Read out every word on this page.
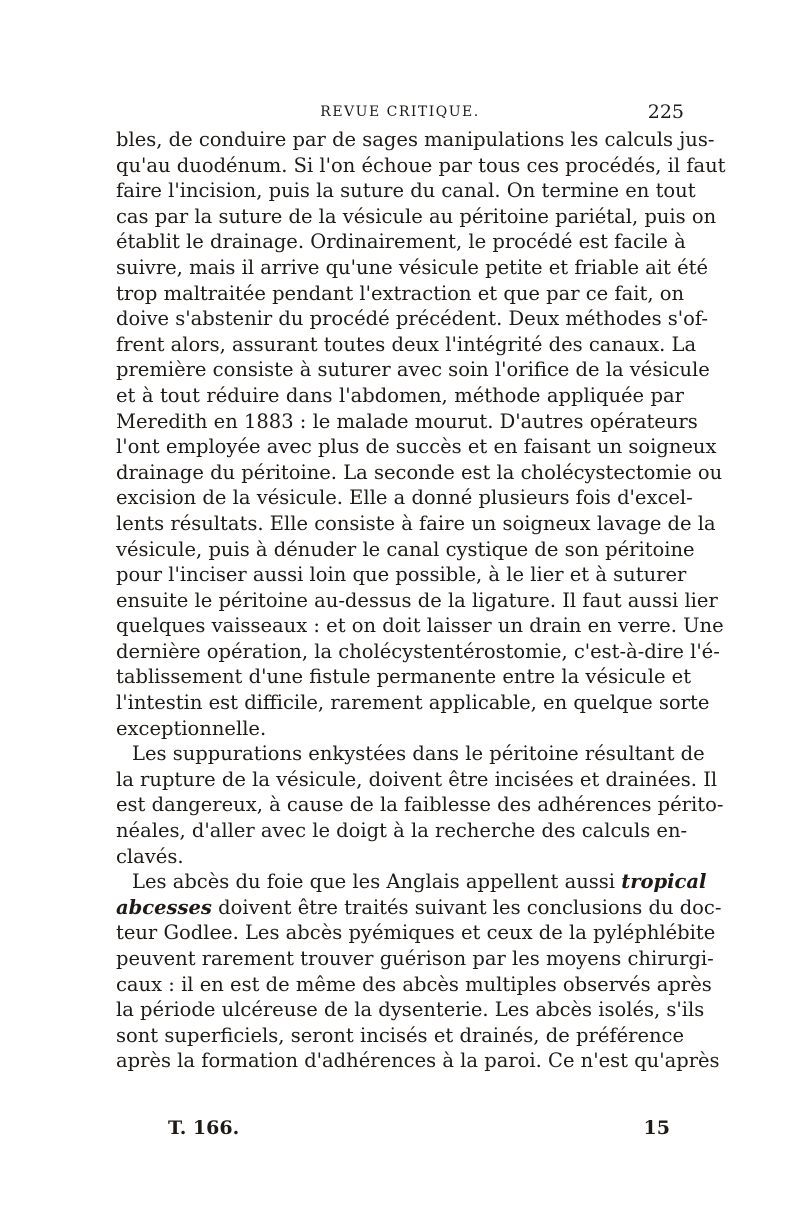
REVUE CRITIQUE.	225
bles, de conduire par de sages manipulations les calculs jus-
qu'au duodénum. Si l'on échoue par tous ces procédés, il faut
faire l'incision, puis la suture du canal. On termine en tout
cas par la suture de la vésicule au péritoine pariétal, puis on
établit le drainage. Ordinairement, le procédé est facile à
suivre, mais il arrive qu'une vésicule petite et friable ait été
trop maltraitée pendant l'extraction et que par ce fait, on
doive s'abstenir du procédé précédent. Deux méthodes s'of-
frent alors, assurant toutes deux l'intégrité des canaux. La
première consiste à suturer avec soin l'orifice de la vésicule
et à tout réduire dans l'abdomen, méthode appliquée par
Meredith en 1883 : le malade mourut. D'autres opérateurs
l'ont employée avec plus de succès et en faisant un soigneux
drainage du péritoine. La seconde est la cholécystectomie ou
excision de la vésicule. Elle a donné plusieurs fois d'excel-
lents résultats. Elle consiste à faire un soigneux lavage de la
vésicule, puis à dénuder le canal cystique de son péritoine
pour l'inciser aussi loin que possible, à le lier et à suturer
ensuite le péritoine au-dessus de la ligature. Il faut aussi lier
quelques vaisseaux : et on doit laisser un drain en verre. Une
dernière opération, la cholécystentérostomie, c'est-à-dire l'é-
tablissement d'une fistule permanente entre la vésicule et
l'intestin est difficile, rarement applicable, en quelque sorte
exceptionnelle.
Les suppurations enkystées dans le péritoine résultant de
la rupture de la vésicule, doivent être incisées et drainées. Il
est dangereux, à cause de la faiblesse des adhérences périto-
néales, d'aller avec le doigt à la recherche des calculs en-
clavés.
Les abcès du foie que les Anglais appellent aussi tropical
abcesses doivent être traités suivant les conclusions du doc-
teur Godlee. Les abcès pyémiques et ceux de la pyléphlébite
peuvent rarement trouver guérison par les moyens chirurgi-
caux : il en est de même des abcès multiples observés après
la période ulcéreuse de la dysenterie. Les abcès isolés, s'ils
sont superficiels, seront incisés et drainés, de préférence
après la formation d'adhérences à la paroi. Ce n'est qu'après
T. 166.	15
